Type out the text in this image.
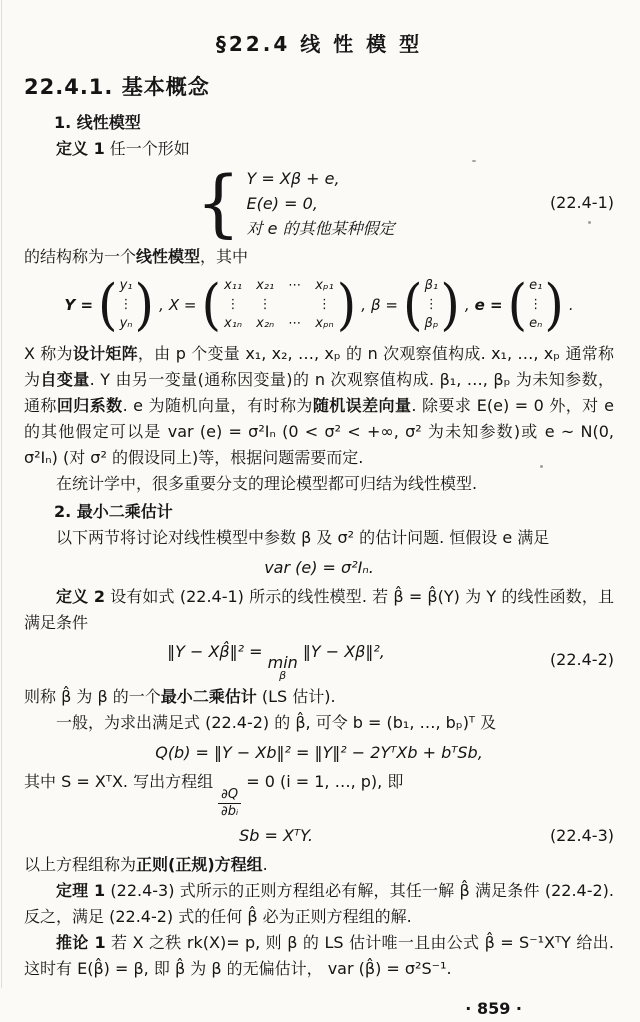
§22.4 线 性 模 型
22.4.1. 基本概念

1. 线性模型

定义 1 任一个形如

{ Y = Xβ + e,
E(e) = 0,
对 e 的其他某种假定
(22.4-1)

的结构称为一个线性模型，其中

Y = ( y₁
⋮
yₙ ) , X = ( x₁₁ x₂₁ ⋯ xₚ₁
⋮ ⋮	⋮
x₁ₙ x₂ₙ ⋯ xₚₙ ) , β = ( β₁
⋮
βₚ ) , e = ( e₁
⋮
eₙ ) .

X 称为设计矩阵，由 p 个变量 x₁, x₂, …, xₚ 的 n 次观察值构成. x₁, …, xₚ 通常称为自变量. Y 由另一变量(通称因变量)的 n 次观察值构成. β₁, …, βₚ 为未知参数，通称回归系数. e 为随机向量，有时称为随机误差向量. 除要求 E(e) = 0 外，对 e 的其他假定可以是 var (e) = σ²Iₙ (0 < σ² < +∞, σ² 为未知参数)或 e ~ N(0, σ²Iₙ) (对 σ² 的假设同上)等，根据问题需要而定.

在统计学中，很多重要分支的理论模型都可归结为线性模型.

2. 最小二乘估计

以下两节将讨论对线性模型中参数 β 及 σ² 的估计问题. 恒假设 e 满足

var (e) = σ²Iₙ.

定义 2 设有如式 (22.4-1) 所示的线性模型. 若 β̂ = β̂(Y) 为 Y 的线性函数，且满足条件

‖Y − Xβ̂‖² =
min
β
‖Y − Xβ‖²,	(22.4-2)

则称 β̂ 为 β 的一个最小二乘估计 (LS 估计).

一般，为求出满足式 (22.4-2) 的 β̂, 可令 b = (b₁, …, bₚ)ᵀ 及

Q(b) = ‖Y − Xb‖² = ‖Y‖² − 2YᵀXb + bᵀSb,

其中 S = XᵀX. 写出方程组
$\frac{\partial Q}{\text{∂bᵢ}}$
= 0 (i = 1, …, p), 即

Sb = XᵀY.	(22.4-3)

以上方程组称为正则(正规)方程组.

定理 1 (22.4-3) 式所示的正则方程组必有解，其任一解 β̂ 满足条件 (22.4-2). 反之，满足 (22.4-2) 式的任何 β̂ 必为正则方程组的解.

推论 1 若 X 之秩 rk(X)= p, 则 β 的 LS 估计唯一且由公式 β̂ = S⁻¹XᵀY 给出. 这时有 E(β̂) = β, 即 β̂ 为 β 的无偏估计， var (β̂) = σ²S⁻¹.

· 859 ·
